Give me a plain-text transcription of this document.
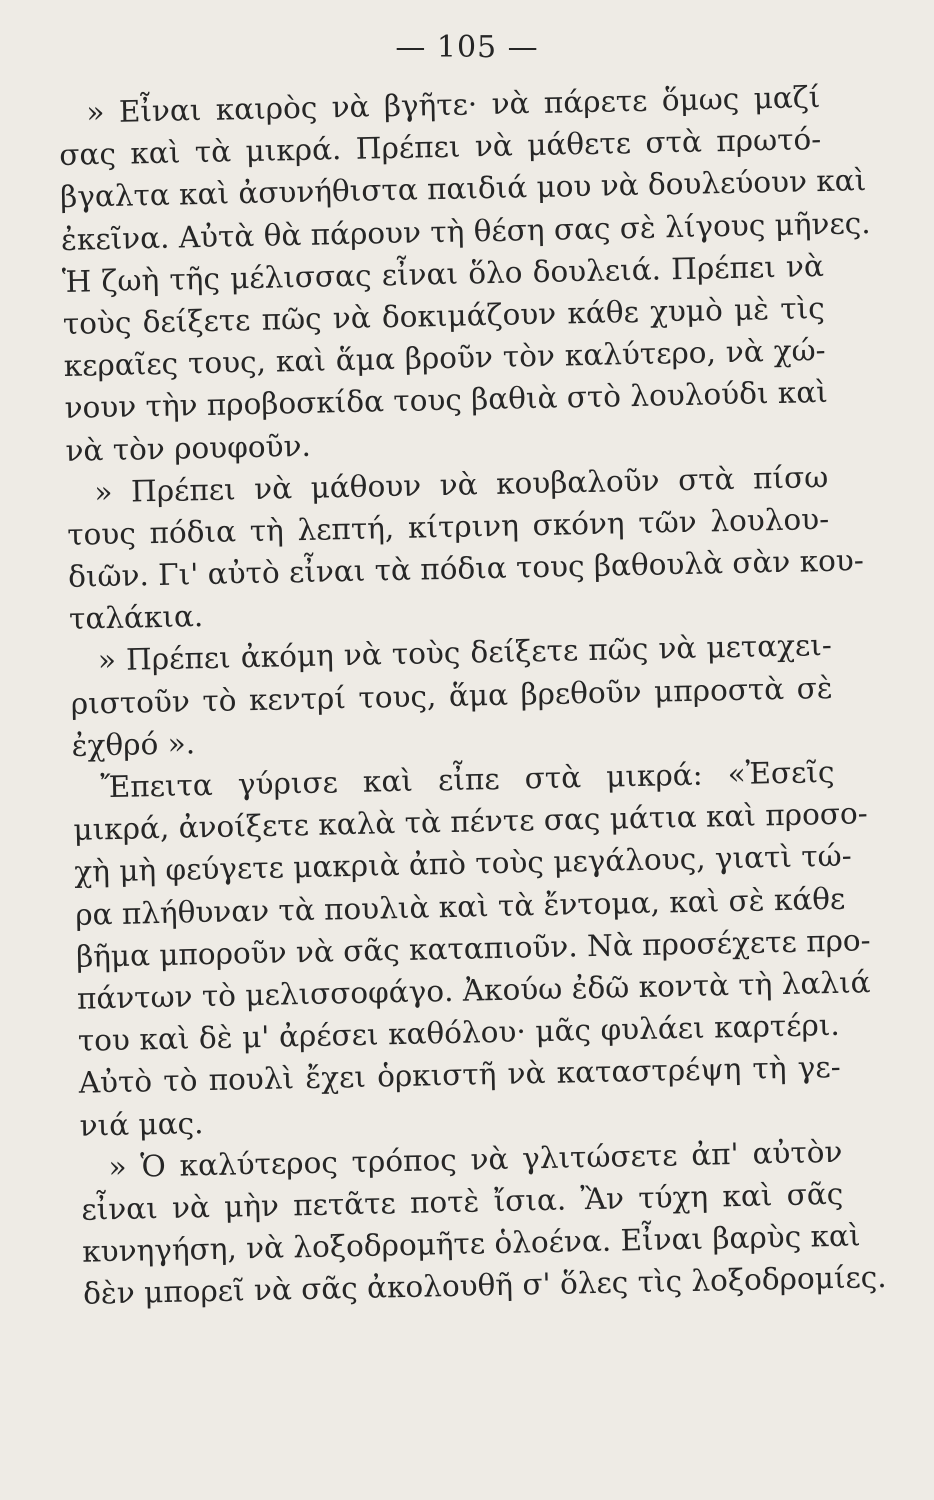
— 105 —
» Εἶναι καιρὸς νὰ βγῆτε· νὰ πάρετε ὅμως μαζί
σας καὶ τὰ μικρά. Πρέπει νὰ μάθετε στὰ πρωτό-
βγαλτα καὶ ἀσυνήθιστα παιδιά μου νὰ δουλεύουν καὶ
ἐκεῖνα. Αὐτὰ θὰ πάρουν τὴ θέση σας σὲ λίγους μῆνες.
Ἡ ζωὴ τῆς μέλισσας εἶναι ὅλο δουλειά. Πρέπει νὰ
τοὺς δείξετε πῶς νὰ δοκιμάζουν κάθε χυμὸ μὲ τὶς
κεραῖες τους, καὶ ἅμα βροῦν τὸν καλύτερο, νὰ χώ-
νουν τὴν προβοσκίδα τους βαθιὰ στὸ λουλούδι καὶ
νὰ τὸν ρουφοῦν.
» Πρέπει νὰ μάθουν νὰ κουβαλοῦν στὰ πίσω
τους πόδια τὴ λεπτή, κίτρινη σκόνη τῶν λουλου-
διῶν. Γι' αὐτὸ εἶναι τὰ πόδια τους βαθουλὰ σὰν κου-
ταλάκια.
» Πρέπει ἀκόμη νὰ τοὺς δείξετε πῶς νὰ μεταχει-
ριστοῦν τὸ κεντρί τους, ἅμα βρεθοῦν μπροστὰ σὲ
ἐχθρό ».
Ἔπειτα γύρισε καὶ εἶπε στὰ μικρά: «Ἐσεῖς
μικρά, ἀνοίξετε καλὰ τὰ πέντε σας μάτια καὶ προσο-
χὴ μὴ φεύγετε μακριὰ ἀπὸ τοὺς μεγάλους, γιατὶ τώ-
ρα πλήθυναν τὰ πουλιὰ καὶ τὰ ἔντομα, καὶ σὲ κάθε
βῆμα μποροῦν νὰ σᾶς καταπιοῦν. Νὰ προσέχετε προ-
πάντων τὸ μελισσοφάγο. Ἀκούω ἐδῶ κοντὰ τὴ λαλιά
του καὶ δὲ μ' ἀρέσει καθόλου· μᾶς φυλάει καρτέρι.
Αὐτὸ τὸ πουλὶ ἔχει ὁρκιστῆ νὰ καταστρέψη τὴ γε-
νιά μας.
» Ὁ καλύτερος τρόπος νὰ γλιτώσετε ἀπ' αὐτὸν
εἶναι νὰ μὴν πετᾶτε ποτὲ ἴσια. Ἂν τύχη καὶ σᾶς
κυνηγήση, νὰ λοξοδρομῆτε ὁλοένα. Εἶναι βαρὺς καὶ
δὲν μπορεῖ νὰ σᾶς ἀκολουθῆ σ' ὅλες τὶς λοξοδρομίες.
